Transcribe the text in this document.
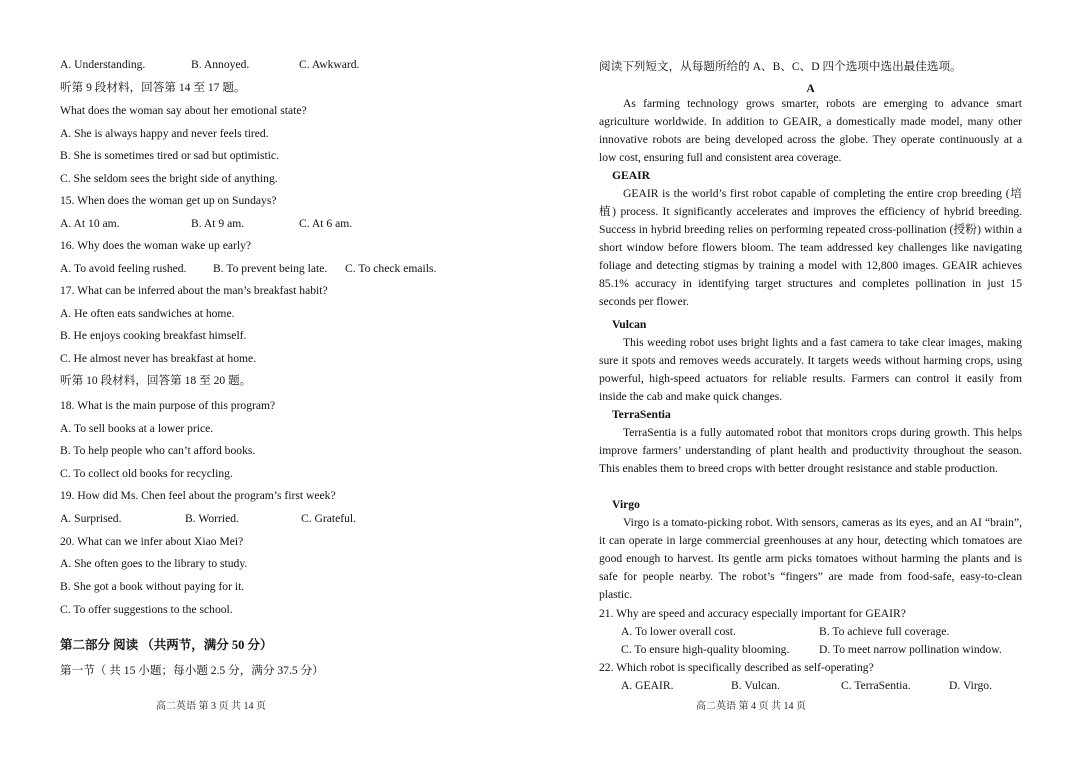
A. Understanding.	B. Annoyed.	C. Awkward.
听第 9 段材料，回答第 14 至 17 题。
What does the woman say about her emotional state?
A. She is always happy and never feels tired.
B. She is sometimes tired or sad but optimistic.
C. She seldom sees the bright side of anything.
15. When does the woman get up on Sundays?
A. At 10 am.	B. At 9 am.	C. At 6 am.
16. Why does the woman wake up early?
A. To avoid feeling rushed. B. To prevent being late. C. To check emails.
17. What can be inferred about the man’s breakfast habit?
A. He often eats sandwiches at home.
B. He enjoys cooking breakfast himself.
C. He almost never has breakfast at home.
听第 10 段材料，回答第 18 至 20 题。
18. What is the main purpose of this program?
A. To sell books at a lower price.
B. To help people who can’t afford books.
C. To collect old books for recycling.
19. How did Ms. Chen feel about the program’s first week?
A. Surprised.	B. Worried.	C. Grateful.
20. What can we infer about Xiao Mei?
A. She often goes to the library to study.
B. She got a book without paying for it.
C. To offer suggestions to the school.
第二部分 阅读 （共两节，满分 50 分）
第一节（ 共 15 小题；每小题 2.5 分，满分 37.5 分）
高二英语 第 3 页 共 14 页
阅读下列短文，从每题所给的 A、B、C、D 四个选项中选出最佳选项。
A
As farming technology grows smarter, robots are emerging to advance smart agriculture worldwide. In addition to GEAIR, a domestically made model, many other innovative robots are being developed across the globe. They operate continuously at a low cost, ensuring full and consistent area coverage.
GEAIR
GEAIR is the world’s first robot capable of completing the entire crop breeding (培植) process. It significantly accelerates and improves the efficiency of hybrid breeding. Success in hybrid breeding relies on performing repeated cross-pollination (授粉) within a short window before flowers bloom. The team addressed key challenges like navigating foliage and detecting stigmas by training a model with 12,800 images. GEAIR achieves 85.1% accuracy in identifying target structures and completes pollination in just 15 seconds per flower.
Vulcan
This weeding robot uses bright lights and a fast camera to take clear images, making sure it spots and removes weeds accurately. It targets weeds without harming crops, using powerful, high-speed actuators for reliable results. Farmers can control it easily from inside the cab and make quick changes.
TerraSentia
TerraSentia is a fully automated robot that monitors crops during growth. This helps improve farmers’ understanding of plant health and productivity throughout the season. This enables them to breed crops with better drought resistance and stable production.
Virgo
Virgo is a tomato-picking robot. With sensors, cameras as its eyes, and an AI “brain”, it can operate in large commercial greenhouses at any hour, detecting which tomatoes are good enough to harvest. Its gentle arm picks tomatoes without harming the plants and is safe for people nearby. The robot’s “fingers” are made from food-safe, easy-to-clean plastic.
21. Why are speed and accuracy especially important for GEAIR?
A. To lower overall cost.	B. To achieve full coverage.
C. To ensure high-quality blooming.	D. To meet narrow pollination window.
22. Which robot is specifically described as self-operating?
A. GEAIR.	B. Vulcan.	C. TerraSentia.	D. Virgo.
高二英语 第 4 页 共 14 页
